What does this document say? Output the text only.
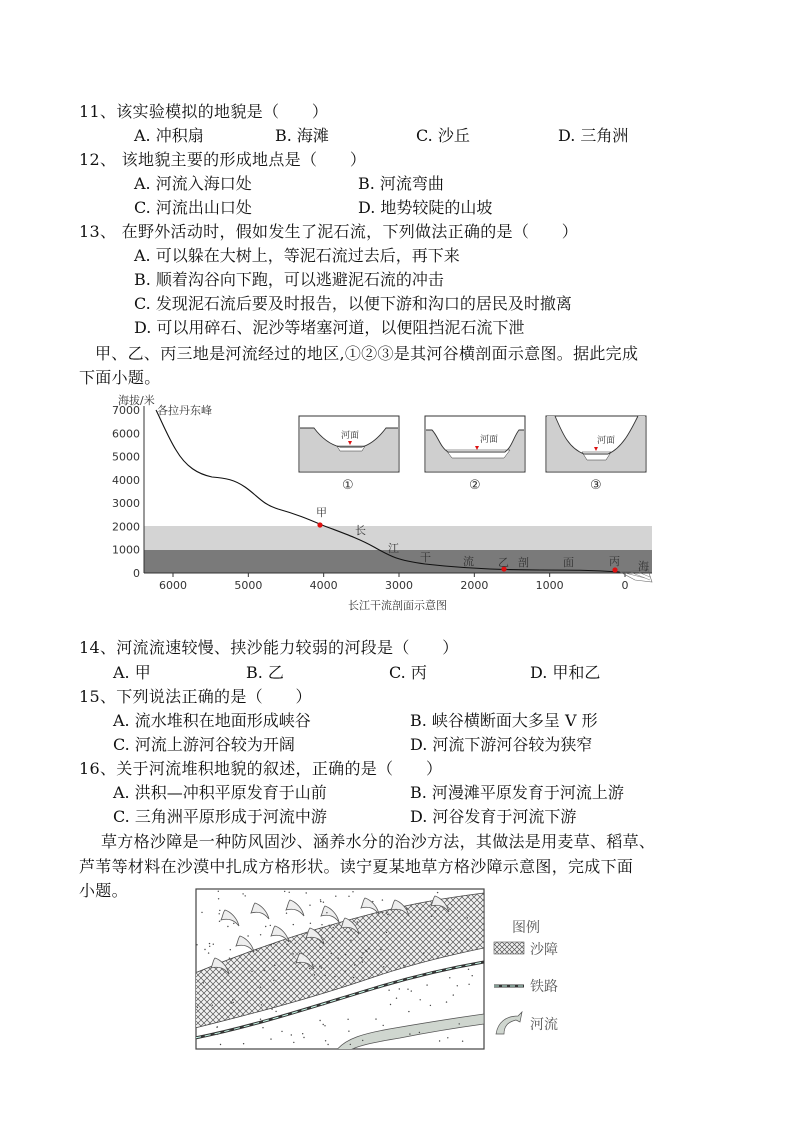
11、该实验模拟的地貌是（　　）
A. 冲积扇	B. 海滩	C. 沙丘	D. 三角洲
12、 该地貌主要的形成地点是（　　）
A. 河流入海口处	B. 河流弯曲
C. 河流出山口处	D. 地势较陡的山坡
13、 在野外活动时，假如发生了泥石流，下列做法正确的是（　　）
A. 可以躲在大树上，等泥石流过去后，再下来
B. 顺着沟谷向下跑，可以逃避泥石流的冲击
C. 发现泥石流后要及时报告，以便下游和沟口的居民及时撤离
D. 可以用碎石、泥沙等堵塞河道，以便阻挡泥石流下泄
甲、乙、丙三地是河流经过的地区,①②③是其河谷横剖面示意图。据此完成
下面小题。
7000
6000
5000
4000
3000
2000
1000
0
6000	5000	4000	3000	2000	1000	0
海拔/米
各拉丹东峰
甲
乙	丙
长
江
干	流	剖	面	海
长江干流剖面示意图
河面
①
河面
②
河面
③
14、河流流速较慢、挟沙能力较弱的河段是（　　）
A. 甲	B. 乙	C. 丙	D. 甲和乙
15、下列说法正确的是（　　）
A. 流水堆积在地面形成峡谷	B. 峡谷横断面大多呈 V 形
C. 河流上游河谷较为开阔	D. 河流下游河谷较为狭窄
16、关于河流堆积地貌的叙述，正确的是（　　）
A. 洪积—冲积平原发育于山前	B. 河漫滩平原发育于河流上游
C. 三角洲平原形成于河流中游	D. 河谷发育于河流下游
草方格沙障是一种防风固沙、涵养水分的治沙方法，其做法是用麦草、稻草、
芦苇等材料在沙漠中扎成方格形状。读宁夏某地草方格沙障示意图，完成下面
小题。
图例
沙障
铁路
河流
